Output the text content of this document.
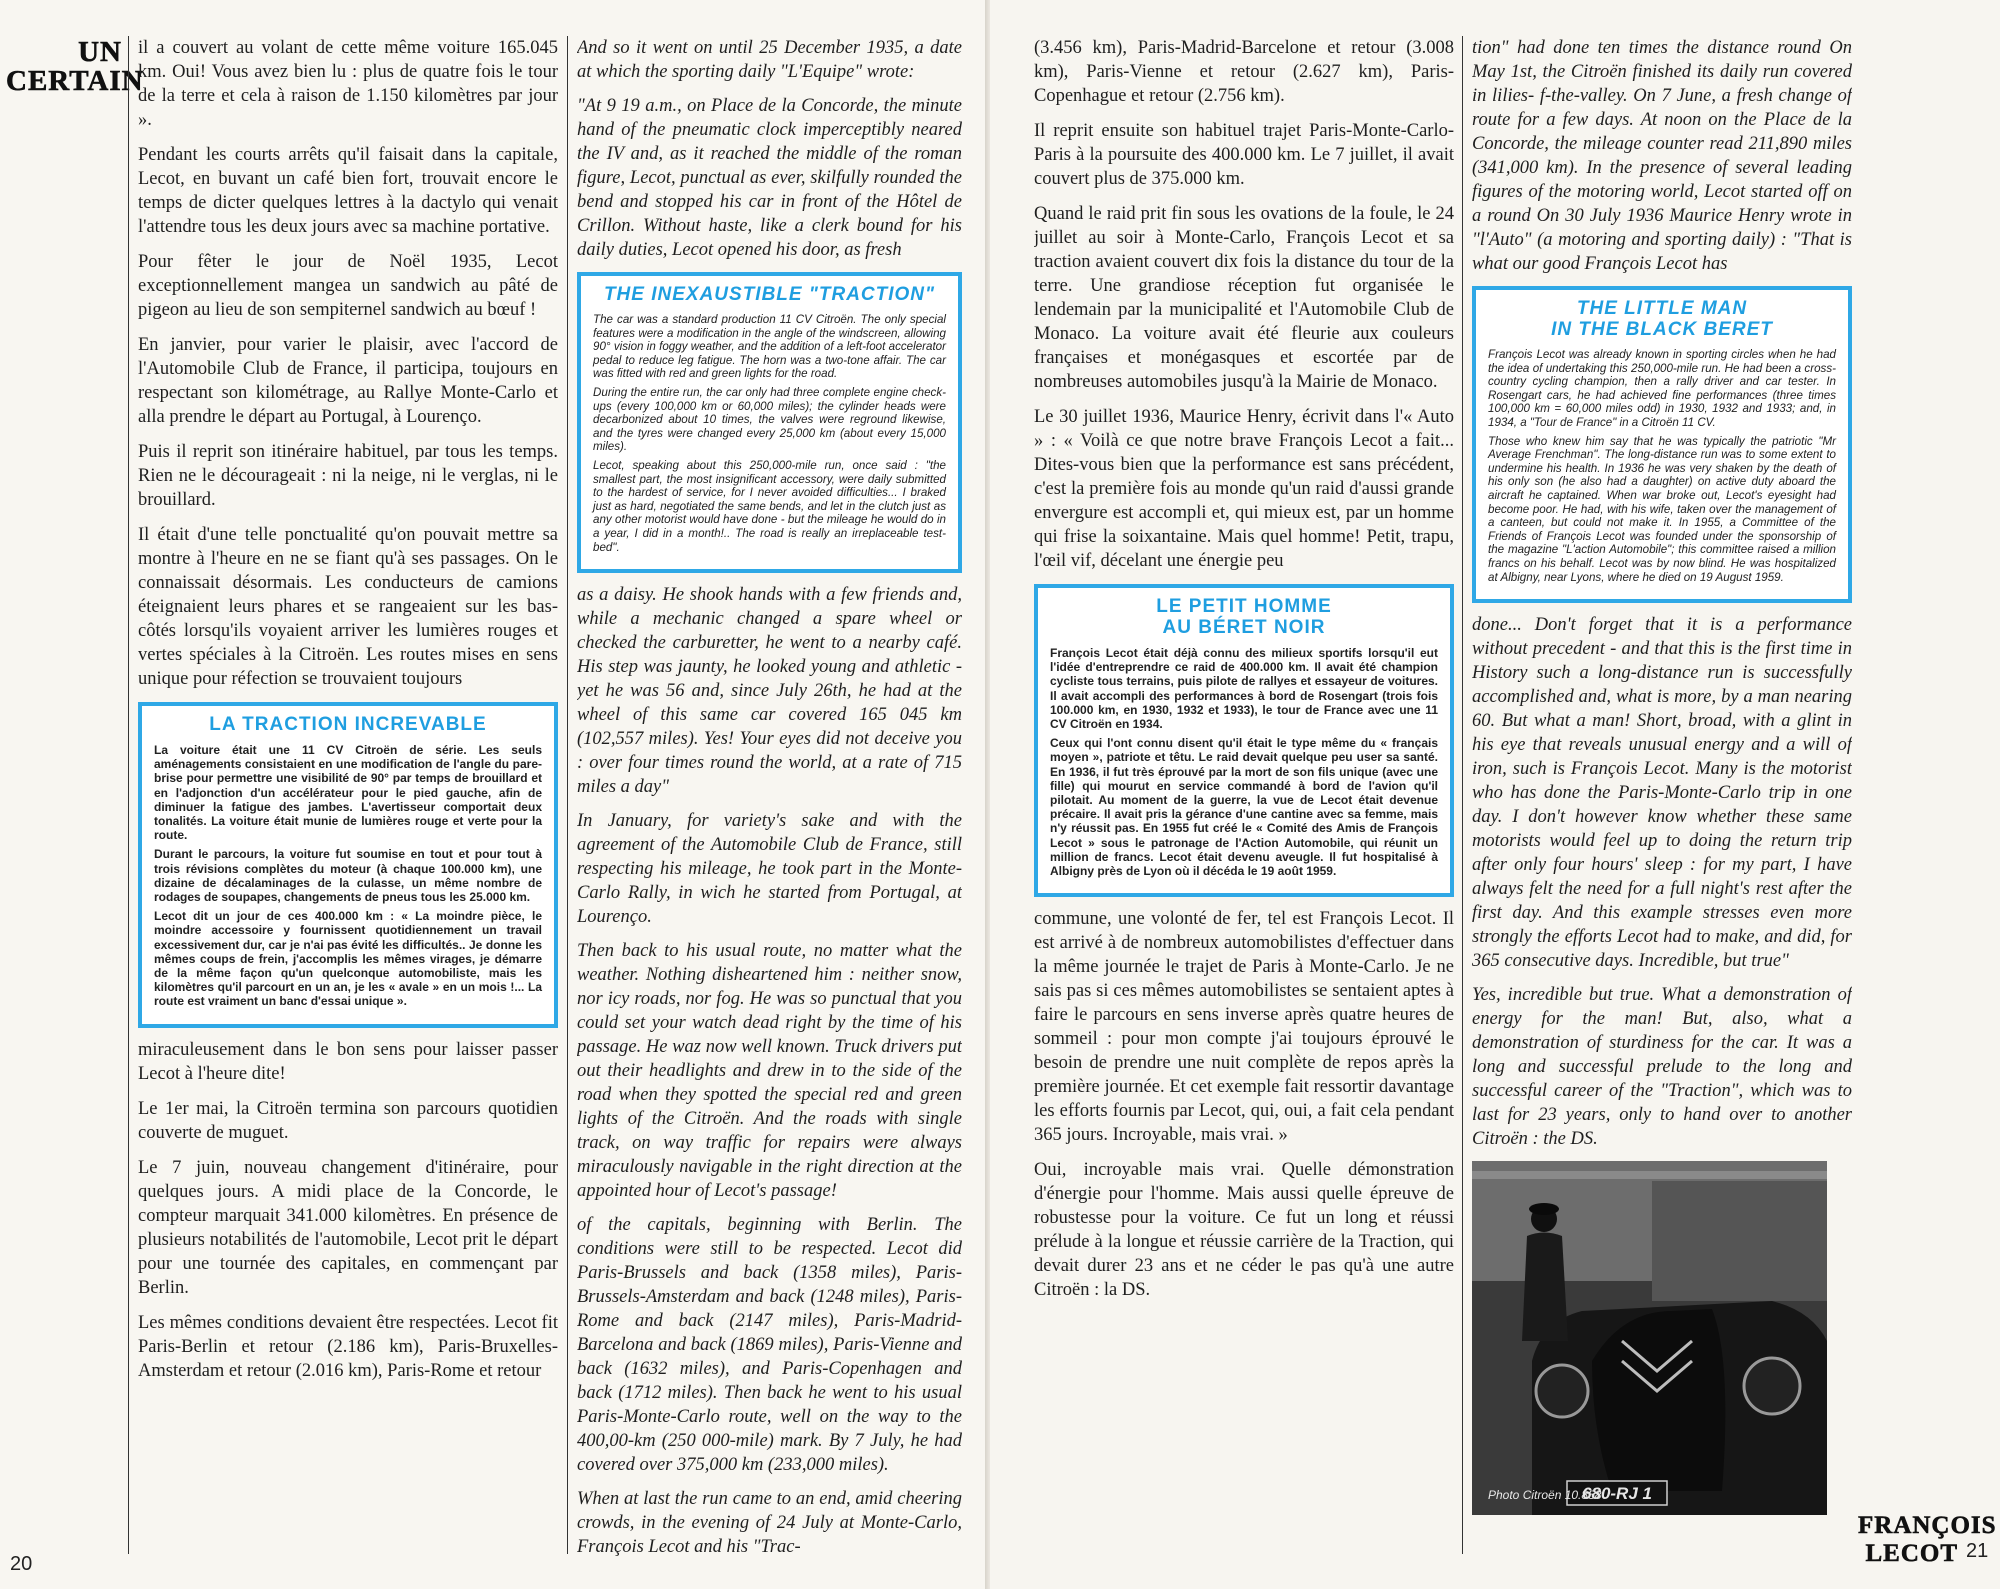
UN
CERTAIN

il a couvert au volant de cette même voiture 165.045 km. Oui! Vous avez bien lu : plus de quatre fois le tour de la terre et cela à raison de 1.150 kilomètres par jour ».

Pendant les courts arrêts qu'il faisait dans la capitale, Lecot, en buvant un café bien fort, trouvait encore le temps de dicter quelques lettres à la dactylo qui venait l'attendre tous les deux jours avec sa machine portative.

Pour fêter le jour de Noël 1935, Lecot exceptionnellement mangea un sandwich au pâté de pigeon au lieu de son sempiternel sandwich au bœuf !

En janvier, pour varier le plaisir, avec l'accord de l'Automobile Club de France, il participa, toujours en respectant son kilométrage, au Rallye Monte-Carlo et alla prendre le départ au Portugal, à Lourenço.

Puis il reprit son itinéraire habituel, par tous les temps. Rien ne le décourageait : ni la neige, ni le verglas, ni le brouillard.

Il était d'une telle ponctualité qu'on pouvait mettre sa montre à l'heure en ne se fiant qu'à ses passages. On le connaissait désormais. Les conducteurs de camions éteignaient leurs phares et se rangeaient sur les bas-côtés lorsqu'ils voyaient arriver les lumières rouges et vertes spéciales à la Citroën. Les routes mises en sens unique pour réfection se trouvaient toujours

LA TRACTION INCREVABLE

La voiture était une 11 CV Citroën de série. Les seuls aménagements consistaient en une modification de l'angle du pare-brise pour permettre une visibilité de 90° par temps de brouillard et en l'adjonction d'un accélérateur pour le pied gauche, afin de diminuer la fatigue des jambes. L'avertisseur comportait deux tonalités. La voiture était munie de lumières rouge et verte pour la route.

Durant le parcours, la voiture fut soumise en tout et pour tout à trois révisions complètes du moteur (à chaque 100.000 km), une dizaine de décalaminages de la culasse, un même nombre de rodages de soupapes, changements de pneus tous les 25.000 km.

Lecot dit un jour de ces 400.000 km : « La moindre pièce, le moindre accessoire y fournissent quotidiennement un travail excessivement dur, car je n'ai pas évité les difficultés.. Je donne les mêmes coups de frein, j'accomplis les mêmes virages, je démarre de la même façon qu'un quelconque automobiliste, mais les kilomètres qu'il parcourt en un an, je les « avale » en un mois !... La route est vraiment un banc d'essai unique ».

miraculeusement dans le bon sens pour laisser passer Lecot à l'heure dite!

Le 1er mai, la Citroën termina son parcours quotidien couverte de muguet.

Le 7 juin, nouveau changement d'itinéraire, pour quelques jours. A midi place de la Concorde, le compteur marquait 341.000 kilomètres. En présence de plusieurs notabilités de l'automobile, Lecot prit le départ pour une tournée des capitales, en commençant par Berlin.

Les mêmes conditions devaient être respectées. Lecot fit Paris-Berlin et retour (2.186 km), Paris-Bruxelles-Amsterdam et retour (2.016 km), Paris-Rome et retour

And so it went on until 25 December 1935, a date at which the sporting daily "L'Equipe" wrote:

"At 9 19 a.m., on Place de la Concorde, the minute hand of the pneumatic clock imperceptibly neared the IV and, as it reached the middle of the roman figure, Lecot, punctual as ever, skilfully rounded the bend and stopped his car in front of the Hôtel de Crillon. Without haste, like a clerk bound for his daily duties, Lecot opened his door, as fresh

THE INEXAUSTIBLE "TRACTION"

The car was a standard production 11 CV Citroën. The only special features were a modification in the angle of the windscreen, allowing 90° vision in foggy weather, and the addition of a left-foot accelerator pedal to reduce leg fatigue. The horn was a two-tone affair. The car was fitted with red and green lights for the road.

During the entire run, the car only had three complete engine check-ups (every 100,000 km or 60,000 miles); the cylinder heads were decarbonized about 10 times, the valves were reground likewise, and the tyres were changed every 25,000 km (about every 15,000 miles).

Lecot, speaking about this 250,000-mile run, once said : "the smallest part, the most insignificant accessory, were daily submitted to the hardest of service, for I never avoided difficulties... I braked just as hard, negotiated the same bends, and let in the clutch just as any other motorist would have done - but the mileage he would do in a year, I did in a month!.. The road is really an irreplaceable test-bed".

as a daisy. He shook hands with a few friends and, while a mechanic changed a spare wheel or checked the carburetter, he went to a nearby café. His step was jaunty, he looked young and athletic - yet he was 56 and, since July 26th, he had at the wheel of this same car covered 165 045 km (102,557 miles). Yes! Your eyes did not deceive you : over four times round the world, at a rate of 715 miles a day"

In January, for variety's sake and with the agreement of the Automobile Club de France, still respecting his mileage, he took part in the Monte-Carlo Rally, in wich he started from Portugal, at Lourenço.

Then back to his usual route, no matter what the weather. Nothing disheartened him : neither snow, nor icy roads, nor fog. He was so punctual that you could set your watch dead right by the time of his passage. He waz now well known. Truck drivers put out their headlights and drew in to the side of the road when they spotted the special red and green lights of the Citroën. And the roads with single track, on way traffic for repairs were always miraculously navigable in the right direction at the appointed hour of Lecot's passage!

of the capitals, beginning with Berlin. The conditions were still to be respected. Lecot did Paris-Brussels and back (1358 miles), Paris-Brussels-Amsterdam and back (1248 miles), Paris-Rome and back (2147 miles), Paris-Madrid-Barcelona and back (1869 miles), Paris-Vienne and back (1632 miles), and Paris-Copenhagen and back (1712 miles). Then back he went to his usual Paris-Monte-Carlo route, well on the way to the 400,00-km (250 000-mile) mark. By 7 July, he had covered over 375,000 km (233,000 miles).

When at last the run came to an end, amid cheering crowds, in the evening of 24 July at Monte-Carlo, François Lecot and his "Trac-

20

(3.456 km), Paris-Madrid-Barcelone et retour (3.008 km), Paris-Vienne et retour (2.627 km), Paris-Copenhague et retour (2.756 km).

Il reprit ensuite son habituel trajet Paris-Monte-Carlo-Paris à la poursuite des 400.000 km. Le 7 juillet, il avait couvert plus de 375.000 km.

Quand le raid prit fin sous les ovations de la foule, le 24 juillet au soir à Monte-Carlo, François Lecot et sa traction avaient couvert dix fois la distance du tour de la terre. Une grandiose réception fut organisée le lendemain par la municipalité et l'Automobile Club de Monaco. La voiture avait été fleurie aux couleurs françaises et monégasques et escortée par de nombreuses automobiles jusqu'à la Mairie de Monaco.

Le 30 juillet 1936, Maurice Henry, écrivit dans l'« Auto » : « Voilà ce que notre brave François Lecot a fait... Dites-vous bien que la performance est sans précédent, c'est la première fois au monde qu'un raid d'aussi grande envergure est accompli et, qui mieux est, par un homme qui frise la soixantaine. Mais quel homme! Petit, trapu, l'œil vif, décelant une énergie peu

LE PETIT HOMME
AU BÉRET NOIR

François Lecot était déjà connu des milieux sportifs lorsqu'il eut l'idée d'entreprendre ce raid de 400.000 km. Il avait été champion cycliste tous terrains, puis pilote de rallyes et essayeur de voitures. Il avait accompli des performances à bord de Rosengart (trois fois 100.000 km, en 1930, 1932 et 1933), le tour de France avec une 11 CV Citroën en 1934.

Ceux qui l'ont connu disent qu'il était le type même du « français moyen », patriote et têtu. Le raid devait quelque peu user sa santé. En 1936, il fut très éprouvé par la mort de son fils unique (avec une fille) qui mourut en service commandé à bord de l'avion qu'il pilotait. Au moment de la guerre, la vue de Lecot était devenue précaire. Il avait pris la gérance d'une cantine avec sa femme, mais n'y réussit pas. En 1955 fut créé le « Comité des Amis de François Lecot » sous le patronage de l'Action Automobile, qui réunit un million de francs. Lecot était devenu aveugle. Il fut hospitalisé à Albigny près de Lyon où il décéda le 19 août 1959.

commune, une volonté de fer, tel est François Lecot. Il est arrivé à de nombreux automobilistes d'effectuer dans la même journée le trajet de Paris à Monte-Carlo. Je ne sais pas si ces mêmes automobilistes se sentaient aptes à faire le parcours en sens inverse après quatre heures de sommeil : pour mon compte j'ai toujours éprouvé le besoin de prendre une nuit complète de repos après la première journée. Et cet exemple fait ressortir davantage les efforts fournis par Lecot, qui, oui, a fait cela pendant 365 jours. Incroyable, mais vrai. »

Oui, incroyable mais vrai. Quelle démonstration d'énergie pour l'homme. Mais aussi quelle épreuve de robustesse pour la voiture. Ce fut un long et réussi prélude à la longue et réussie carrière de la Traction, qui devait durer 23 ans et ne céder le pas qu'à une autre Citroën : la DS.

tion" had done ten times the distance round On May 1st, the Citroën finished its daily run covered in lilies- f-the-valley. On 7 June, a fresh change of route for a few days. At noon on the Place de la Concorde, the mileage counter read 211,890 miles (341,000 km). In the presence of several leading figures of the motoring world, Lecot started off on a round On 30 July 1936 Maurice Henry wrote in "l'Auto" (a motoring and sporting daily) : "That is what our good François Lecot has

THE LITTLE MAN
IN THE BLACK BERET

François Lecot was already known in sporting circles when he had the idea of undertaking this 250,000-mile run. He had been a cross-country cycling champion, then a rally driver and car tester. In Rosengart cars, he had achieved fine performances (three times 100,000 km = 60,000 miles odd) in 1930, 1932 and 1933; and, in 1934, a "Tour de France" in a Citroën 11 CV.

Those who knew him say that he was typically the patriotic "Mr Average Frenchman". The long-distance run was to some extent to undermine his health. In 1936 he was very shaken by the death of his only son (he also had a daughter) on active duty aboard the aircraft he captained. When war broke out, Lecot's eyesight had become poor. He had, with his wife, taken over the management of a canteen, but could not make it. In 1955, a Committee of the Friends of François Lecot was founded under the sponsorship of the magazine "L'action Automobile"; this committee raised a million francs on his behalf. Lecot was by now blind. He was hospitalized at Albigny, near Lyons, where he died on 19 August 1959.

done... Don't forget that it is a performance without precedent - and that this is the first time in History such a long-distance run is successfully accomplished and, what is more, by a man nearing 60. But what a man! Short, broad, with a glint in his eye that reveals unusual energy and a will of iron, such is François Lecot. Many is the motorist who has done the Paris-Monte-Carlo trip in one day. I don't however know whether these same motorists would feel up to doing the return trip after only four hours' sleep : for my part, I have always felt the need for a full night's rest after the first day. And this example stresses even more strongly the efforts Lecot had to make, and did, for 365 consecutive days. Incredible, but true"

Yes, incredible but true. What a demonstration of energy for the man! But, also, what a demonstration of sturdiness for the car. It was a long and successful prelude to the long and successful career of the "Traction", which was to last for 23 years, only to hand over to another Citroën : the DS.

680-RJ 1
Photo Citroën 10.858
FRANÇOIS
LECOT 21
